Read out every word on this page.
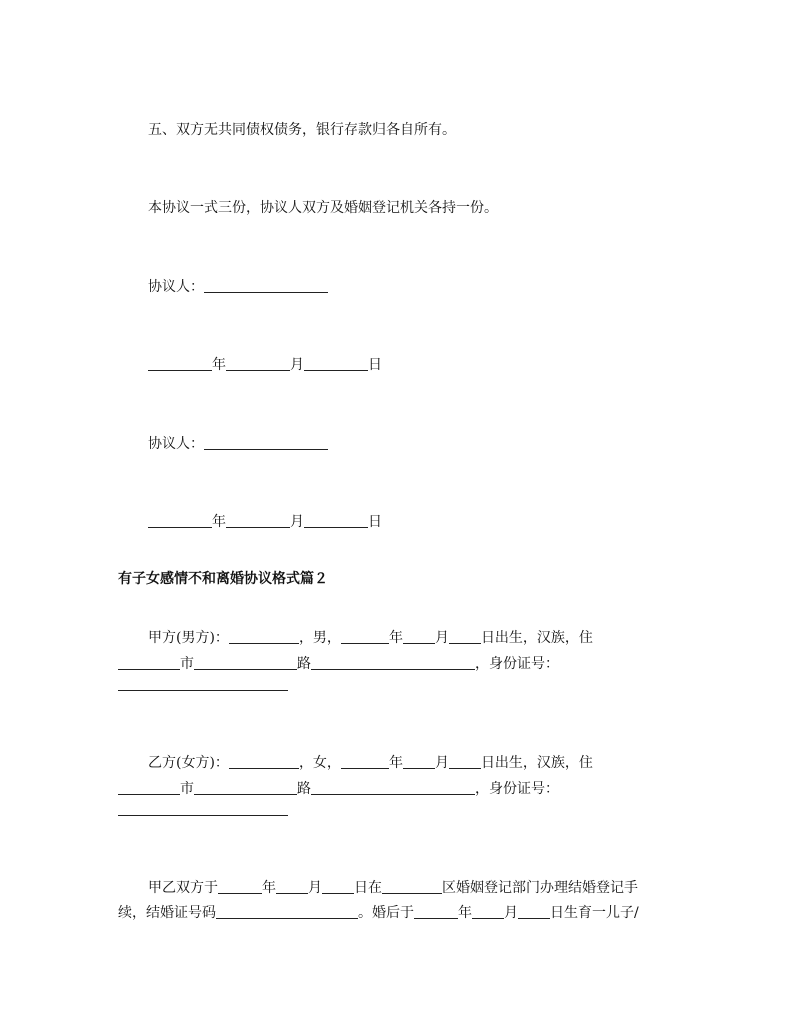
五、双方无共同债权债务，银行存款归各自所有。
本协议一式三份，协议人双方及婚姻登记机关各持一份。
协议人：
年	月	日
协议人：
年	月	日
有子女感情不和离婚协议格式篇２
甲方(男方)：	，男，	年 月 日出生，汉族，住
市	路	，身份证号：
乙方(女方)：	，女，	年 月 日出生，汉族，住
市	路	，身份证号：
甲乙双方于	年 月 日在	区婚姻登记部门办理结婚登记手
续，结婚证号码	。婚后于	年 月 日生育一儿子/
